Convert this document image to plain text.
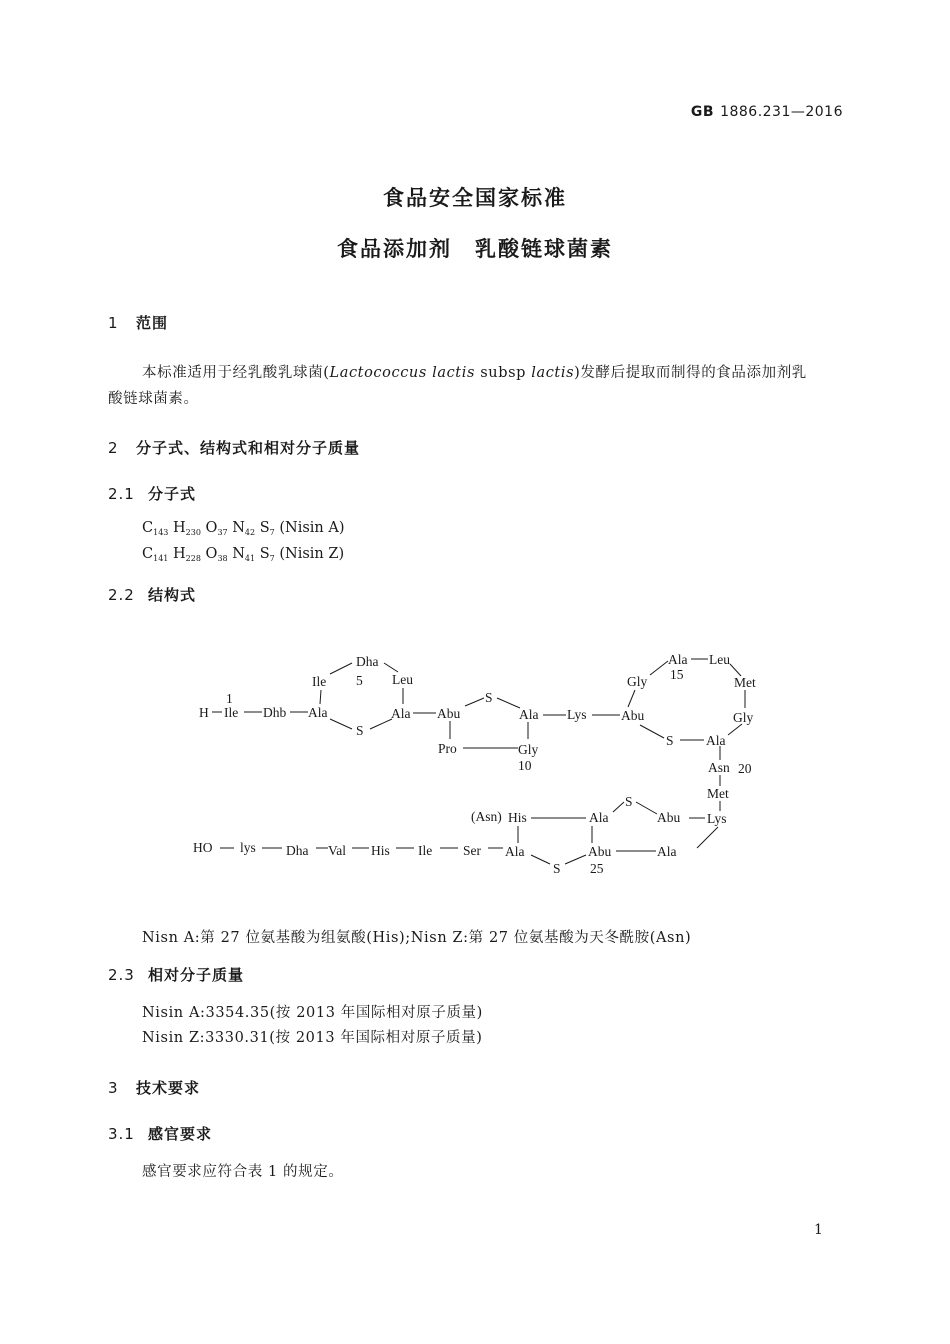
GB 1886.231—2016
食品安全国家标准
食品添加剂　乳酸链球菌素
1 范围
本标准适用于经乳酸乳球菌(Lactococcus lactis subsp lactis)发酵后提取而制得的食品添加剂乳
酸链球菌素。
2 分子式、结构式和相对分子质量
2.1 分子式
$C_{143}$ $H_{230}$ $O_{37}$ $N_{42}$ $S_7$ (Nisin A)
$C_{141}$ $H_{228}$ $O_{38}$ $N_{41}$ $S_7$ (Nisin Z)
2.2 结构式
H
1
Ile Dhb Ala
Ile
Dha
5 Leu
S
Ala Abu
S
Pro	Gly
10
Ala Lys	Abu
Gly
Ala
15
Leu
Met
Gly
S Ala
Asn 20
Met
Lys
Abu
S
Ala
Abu
25
Ala
(Asn) His
S
Ala
Ser
Ile
His
Val
Dha
lys
HO
Nisn A:第 27 位氨基酸为组氨酸(His);Nisn Z:第 27 位氨基酸为天冬酰胺(Asn)
2.3 相对分子质量
Nisin A:3354.35(按 2013 年国际相对原子质量)
Nisin Z:3330.31(按 2013 年国际相对原子质量)
3 技术要求
3.1 感官要求
感官要求应符合表 1 的规定。
1
